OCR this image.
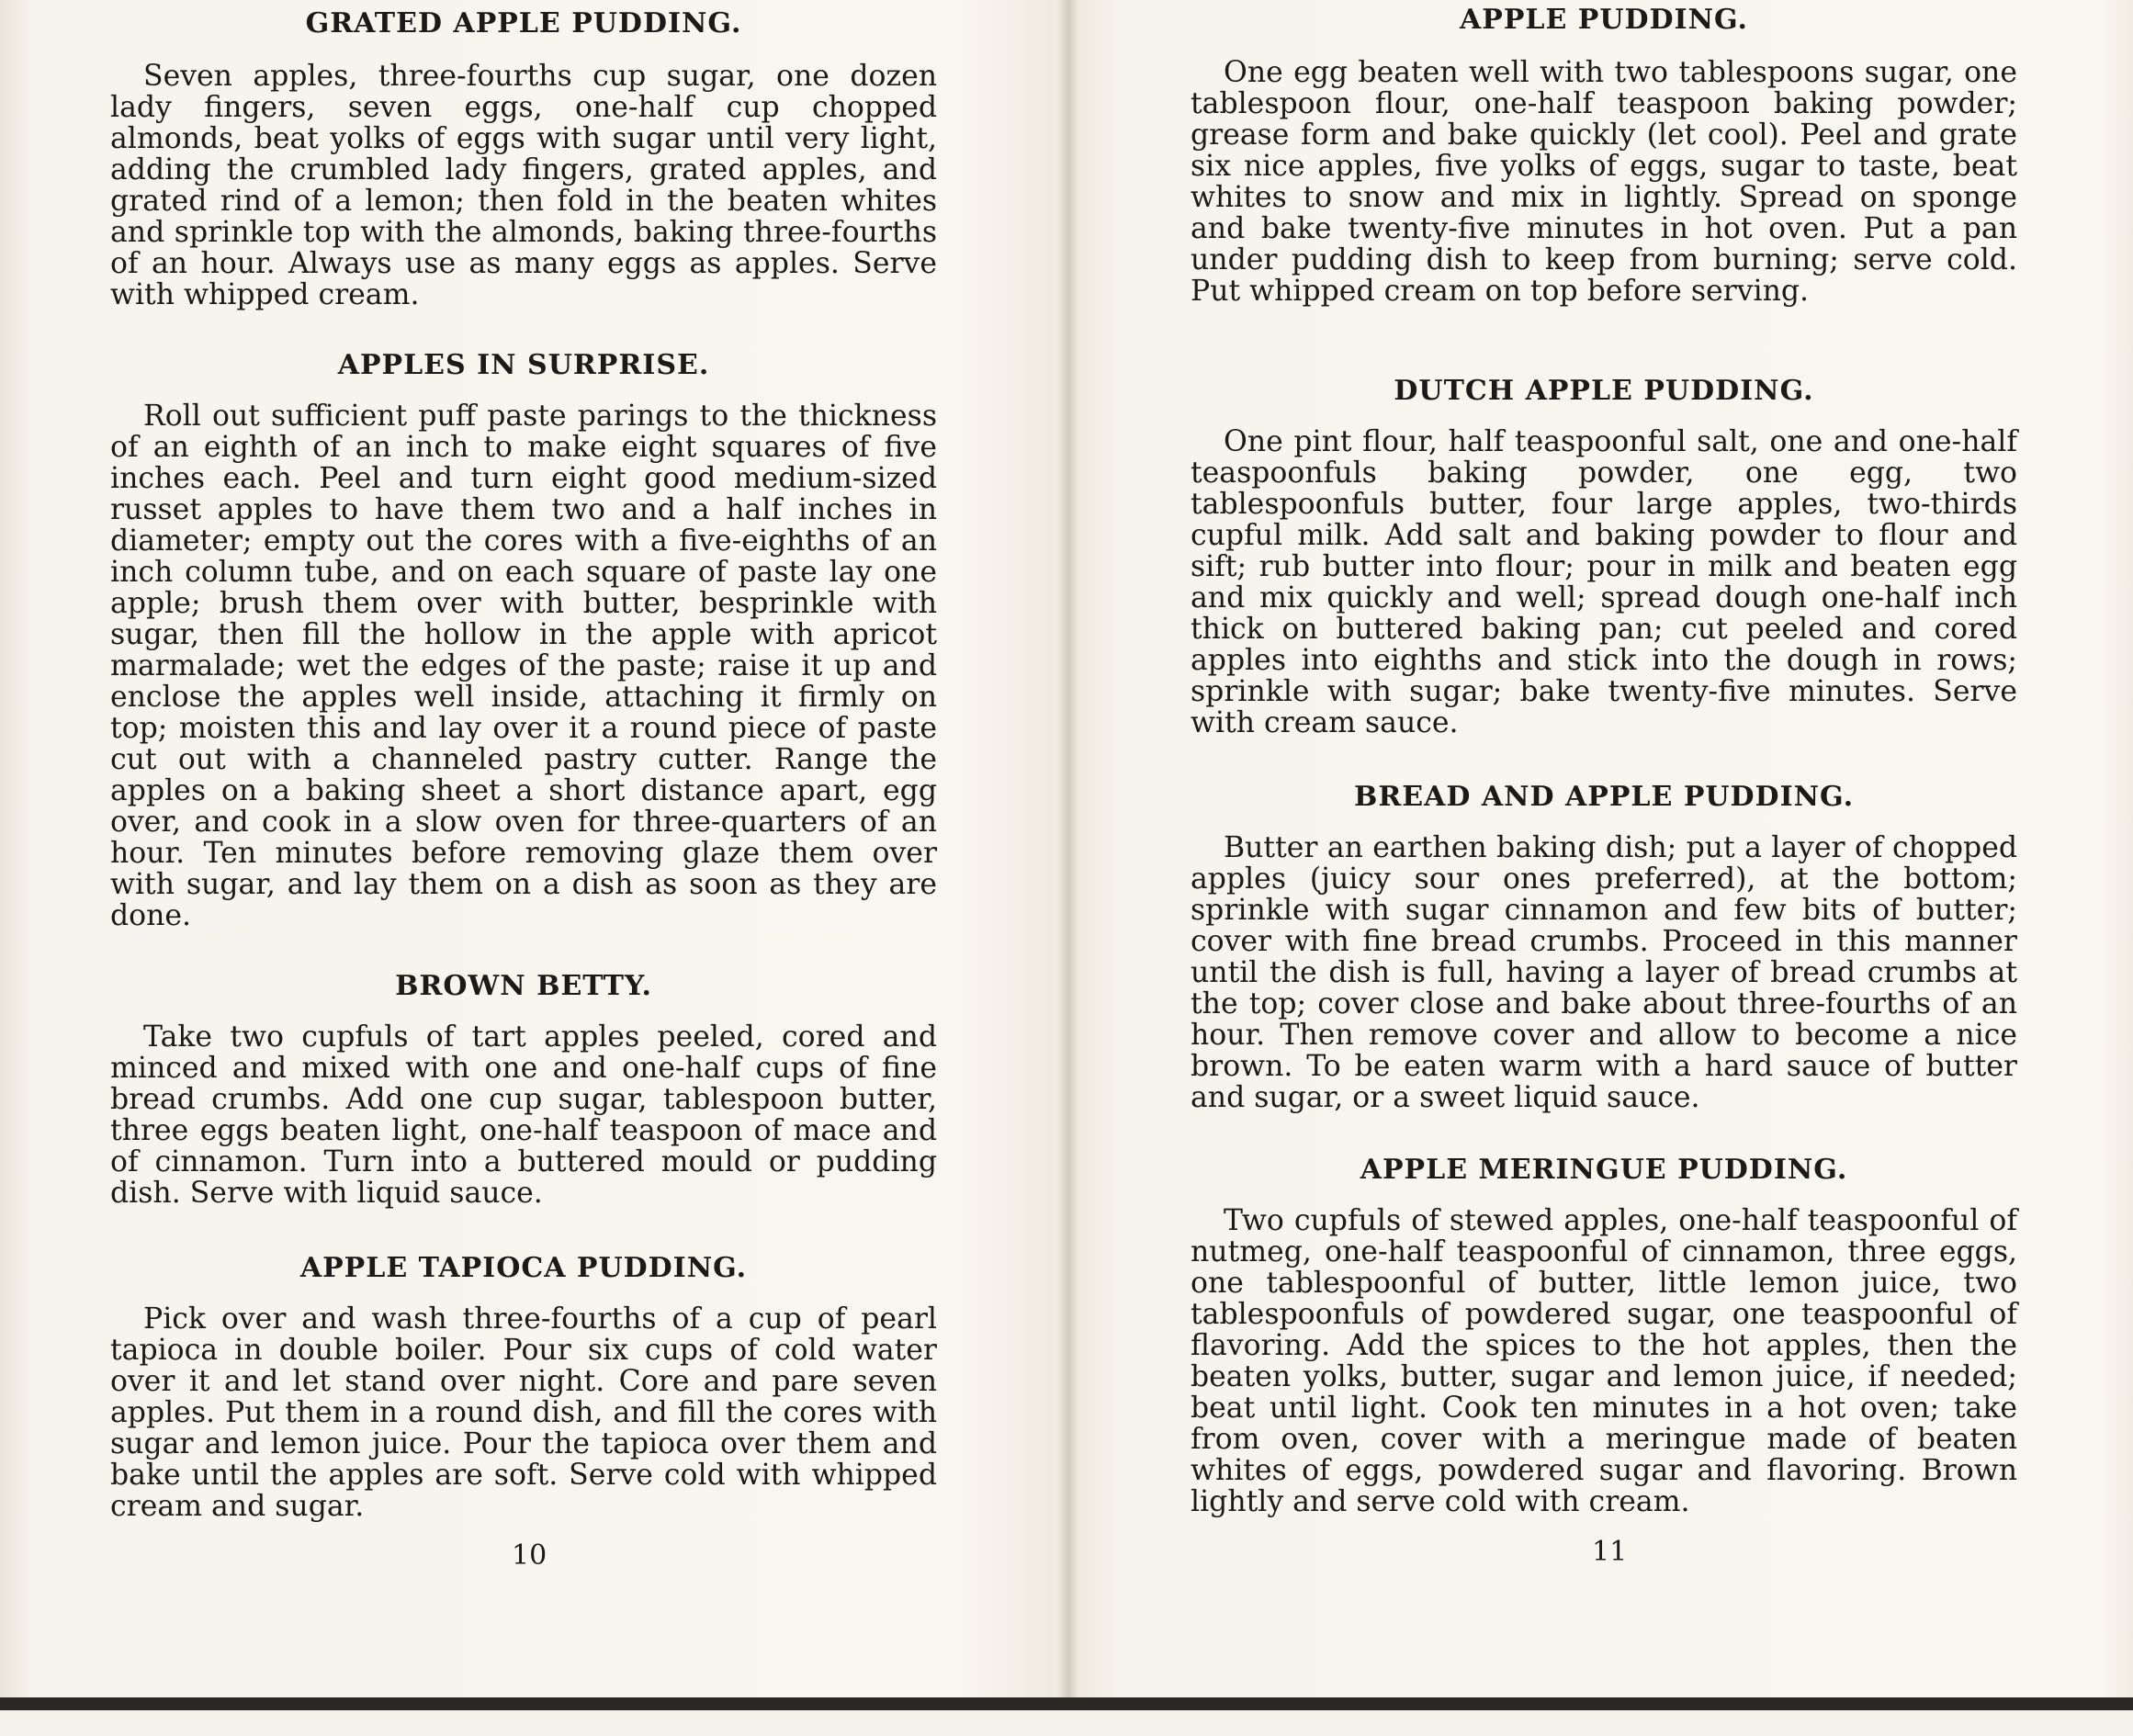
GRATED APPLE PUDDING.

Seven apples, three-fourths cup sugar, one dozen lady fingers, seven eggs, one-half cup chopped almonds, beat yolks of eggs with sugar until very light, adding the crumbled lady fingers, grated apples, and grated rind of a lemon; then fold in the beaten whites and sprinkle top with the almonds, baking three-fourths of an hour. Always use as many eggs as apples. Serve with whipped cream.

APPLES IN SURPRISE.

Roll out sufficient puff paste parings to the thickness of an eighth of an inch to make eight squares of five inches each. Peel and turn eight good medium-sized russet apples to have them two and a half inches in diameter; empty out the cores with a five-eighths of an inch column tube, and on each square of paste lay one apple; brush them over with butter, besprinkle with sugar, then fill the hollow in the apple with apricot marmalade; wet the edges of the paste; raise it up and enclose the apples well inside, attaching it firmly on top; moisten this and lay over it a round piece of paste cut out with a channeled pastry cutter. Range the apples on a baking sheet a short distance apart, egg over, and cook in a slow oven for three-quarters of an hour. Ten minutes before removing glaze them over with sugar, and lay them on a dish as soon as they are done.

BROWN BETTY.

Take two cupfuls of tart apples peeled, cored and minced and mixed with one and one-half cups of fine bread crumbs. Add one cup sugar, tablespoon butter, three eggs beaten light, one-half teaspoon of mace and of cinnamon. Turn into a buttered mould or pudding dish. Serve with liquid sauce.

APPLE TAPIOCA PUDDING.

Pick over and wash three-fourths of a cup of pearl tapioca in double boiler. Pour six cups of cold water over it and let stand over night. Core and pare seven apples. Put them in a round dish, and fill the cores with sugar and lemon juice. Pour the tapioca over them and bake until the apples are soft. Serve cold with whipped cream and sugar.

10
APPLE PUDDING.

One egg beaten well with two tablespoons sugar, one tablespoon flour, one-half teaspoon baking powder; grease form and bake quickly (let cool). Peel and grate six nice apples, five yolks of eggs, sugar to taste, beat whites to snow and mix in lightly. Spread on sponge and bake twenty-five minutes in hot oven. Put a pan under pudding dish to keep from burning; serve cold. Put whipped cream on top before serving.

DUTCH APPLE PUDDING.

One pint flour, half teaspoonful salt, one and one-half teaspoonfuls baking powder, one egg, two tablespoonfuls butter, four large apples, two-thirds cupful milk. Add salt and baking powder to flour and sift; rub butter into flour; pour in milk and beaten egg and mix quickly and well; spread dough one-half inch thick on buttered baking pan; cut peeled and cored apples into eighths and stick into the dough in rows; sprinkle with sugar; bake twenty-five minutes. Serve with cream sauce.

BREAD AND APPLE PUDDING.

Butter an earthen baking dish; put a layer of chopped apples (juicy sour ones preferred), at the bottom; sprinkle with sugar cinnamon and few bits of butter; cover with fine bread crumbs. Proceed in this manner until the dish is full, having a layer of bread crumbs at the top; cover close and bake about three-fourths of an hour. Then remove cover and allow to become a nice brown. To be eaten warm with a hard sauce of butter and sugar, or a sweet liquid sauce.

APPLE MERINGUE PUDDING.

Two cupfuls of stewed apples, one-half teaspoonful of nutmeg, one-half teaspoonful of cinnamon, three eggs, one tablespoonful of butter, little lemon juice, two tablespoonfuls of powdered sugar, one teaspoonful of flavoring. Add the spices to the hot apples, then the beaten yolks, butter, sugar and lemon juice, if needed; beat until light. Cook ten minutes in a hot oven; take from oven, cover with a meringue made of beaten whites of eggs, powdered sugar and flavoring. Brown lightly and serve cold with cream.

11
